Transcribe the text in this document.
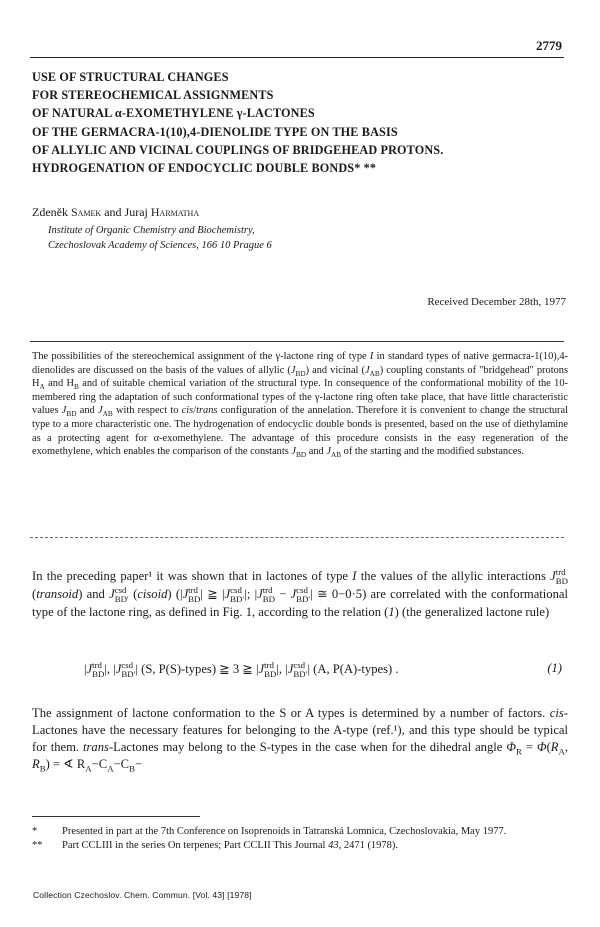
2779
USE OF STRUCTURAL CHANGES
FOR STEREOCHEMICAL ASSIGNMENTS
OF NATURAL α-EXOMETHYLENE γ-LACTONES
OF THE GERMACRA-1(10),4-DIENOLIDE TYPE ON THE BASIS
OF ALLYLIC AND VICINAL COUPLINGS OF BRIDGEHEAD PROTONS.
HYDROGENATION OF ENDOCYCLIC DOUBLE BONDS* **
Zdeněk Samek and Juraj Harmatha
Institute of Organic Chemistry and Biochemistry,
Czechoslovak Academy of Sciences, 166 10 Prague 6
Received December 28th, 1977
The possibilities of the stereochemical assignment of the γ-lactone ring of type I in standard types of native germacra-1(10),4-dienolides are discussed on the basis of the values of allylic $(J_{BD})$ and vicinal $(J_{AB})$ coupling constants of "bridgehead" protons $H_A$ and $H_B$ and of suitable chemical variation of the structural type. In consequence of the conformational mobility of the 10-membered ring the adaptation of such conformational types of the γ-lactone ring often take place, that have little characteristic values $J_{BD}$ and $J_{AB}$ with respect to cis/trans configuration of the annelation. Therefore it is convenient to change the structural type to a more characteristic one. The hydrogenation of endocyclic double bonds is presented, based on the use of diethylamine as a protecting agent for α-exomethylene. The advantage of this procedure consists in the easy regeneration of the exomethylene, which enables the comparison of the constants $J_{BD}$ and $J_{AB}$ of the starting and the modified substances.
In the preceding paper¹ it was shown that in lactones of type I the values of the allylic interactions J trd
BD
(transoid) and J csd
BD′ (cisoid) (|J trd
BD | ≧ |J csd
BD′ |; |J trd
BD − J csd
BD′ | ≅ 0−0·5) are correlated with the conformational type of the lactone ring, as defined in Fig. 1, according to the relation (1) (the generalized lactone rule)
|J trd
BD |, |J csd
BD′ | (S, P(S)-types) ≧ 3 ≧ |J trd
BD |, |J csd
BD′ | (A, P(A)-types) .	(1)
The assignment of lactone conformation to the S or A types is determined by a number of factors. cis-Lactones have the necessary features for belonging to the A-type (ref.¹), and this type should be typical for them. trans-Lactones may belong to the S-types in the case when for the dihedral angle $\Phi_R = \Phi(R_A$, $R_B$) = ∢ $R_A-C_A-C_B-$
* Presented in part at the 7th Conference on Isoprenoids in Tatranská Lomnica, Czechoslovakia, May 1977.
** Part CCLIII in the series On terpenes; Part CCLII This Journal 43, 2471 (1978).
Collection Czechoslov. Chem. Commun. [Vol. 43] [1978]
